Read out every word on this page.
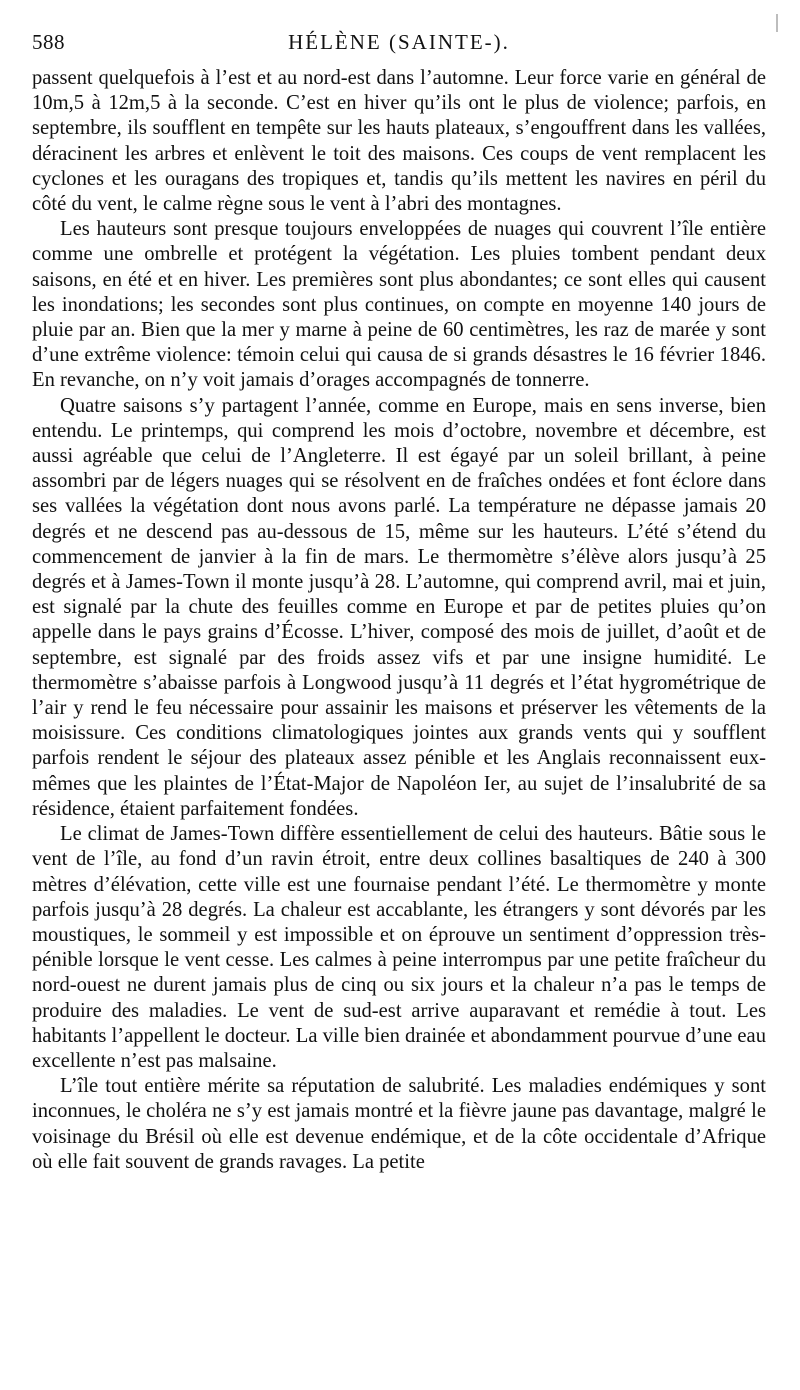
588	HÉLÈNE (SAINTE-).

passent quelquefois à l’est et au nord-est dans l’automne. Leur force varie en général de 10m,5 à 12m,5 à la seconde. C’est en hiver qu’ils ont le plus de violence; parfois, en septembre, ils soufflent en tempête sur les hauts plateaux, s’engouffrent dans les vallées, déracinent les arbres et enlèvent le toit des maisons. Ces coups de vent remplacent les cyclones et les ouragans des tropiques et, tandis qu’ils mettent les navires en péril du côté du vent, le calme règne sous le vent à l’abri des montagnes.

Les hauteurs sont presque toujours enveloppées de nuages qui couvrent l’île entière comme une ombrelle et protégent la végétation. Les pluies tombent pendant deux saisons, en été et en hiver. Les premières sont plus abondantes; ce sont elles qui causent les inondations; les secondes sont plus continues, on compte en moyenne 140 jours de pluie par an. Bien que la mer y marne à peine de 60 centimètres, les raz de marée y sont d’une extrême violence: témoin celui qui causa de si grands désastres le 16 février 1846. En revanche, on n’y voit jamais d’orages accompagnés de tonnerre.

Quatre saisons s’y partagent l’année, comme en Europe, mais en sens inverse, bien entendu. Le printemps, qui comprend les mois d’octobre, novembre et décembre, est aussi agréable que celui de l’Angleterre. Il est égayé par un soleil brillant, à peine assombri par de légers nuages qui se résolvent en de fraîches ondées et font éclore dans ses vallées la végétation dont nous avons parlé. La température ne dépasse jamais 20 degrés et ne descend pas au-dessous de 15, même sur les hauteurs. L’été s’étend du commencement de janvier à la fin de mars. Le thermomètre s’élève alors jusqu’à 25 degrés et à James-Town il monte jusqu’à 28. L’automne, qui comprend avril, mai et juin, est signalé par la chute des feuilles comme en Europe et par de petites pluies qu’on appelle dans le pays grains d’Écosse. L’hiver, composé des mois de juillet, d’août et de septembre, est signalé par des froids assez vifs et par une insigne humidité. Le thermomètre s’abaisse parfois à Longwood jusqu’à 11 degrés et l’état hygrométrique de l’air y rend le feu nécessaire pour assainir les maisons et préserver les vêtements de la moisissure. Ces conditions climatologiques jointes aux grands vents qui y soufflent parfois rendent le séjour des plateaux assez pénible et les Anglais reconnaissent eux-mêmes que les plaintes de l’État-Major de Napoléon Ier, au sujet de l’insalubrité de sa résidence, étaient parfaitement fondées.

Le climat de James-Town diffère essentiellement de celui des hauteurs. Bâtie sous le vent de l’île, au fond d’un ravin étroit, entre deux collines basaltiques de 240 à 300 mètres d’élévation, cette ville est une fournaise pendant l’été. Le thermomètre y monte parfois jusqu’à 28 degrés. La chaleur est accablante, les étrangers y sont dévorés par les moustiques, le sommeil y est impossible et on éprouve un sentiment d’oppression très-pénible lorsque le vent cesse. Les calmes à peine interrompus par une petite fraîcheur du nord-ouest ne durent jamais plus de cinq ou six jours et la chaleur n’a pas le temps de produire des maladies. Le vent de sud-est arrive auparavant et remédie à tout. Les habitants l’appellent le docteur. La ville bien drainée et abondamment pourvue d’une eau excellente n’est pas malsaine.

L’île tout entière mérite sa réputation de salubrité. Les maladies endémiques y sont inconnues, le choléra ne s’y est jamais montré et la fièvre jaune pas davantage, malgré le voisinage du Brésil où elle est devenue endémique, et de la côte occidentale d’Afrique où elle fait souvent de grands ravages. La petite
